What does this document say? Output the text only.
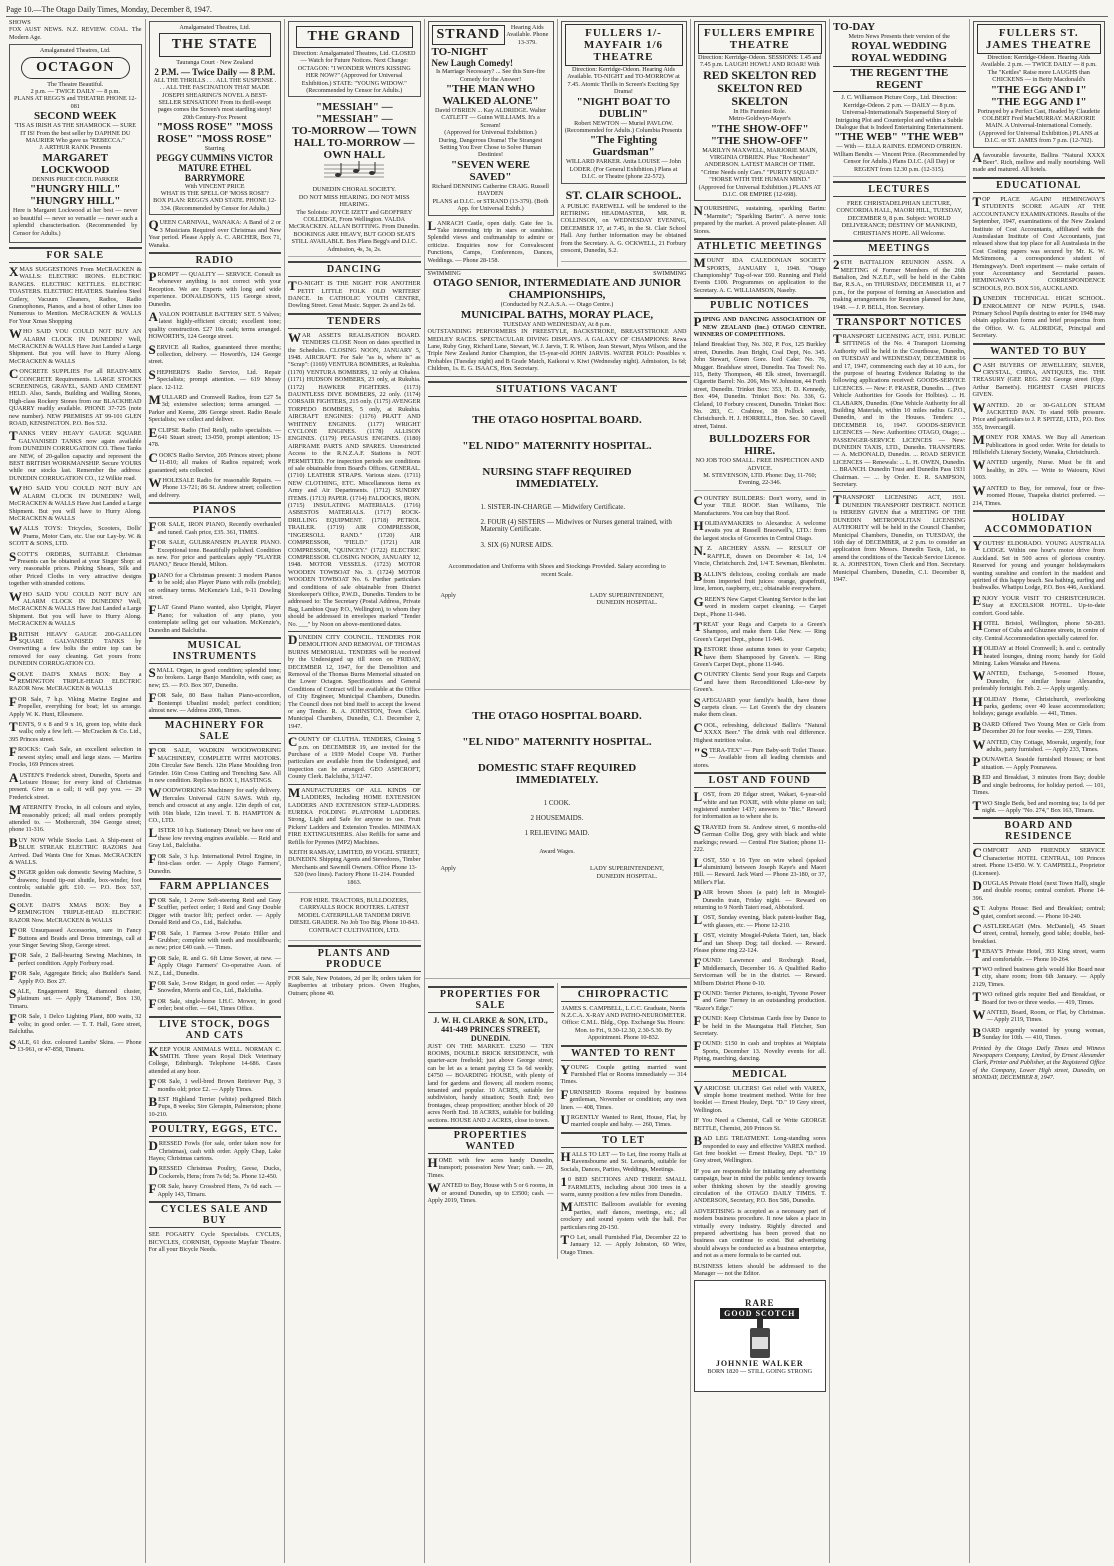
Page 10.—The Otago Daily Times, Monday, December 8, 1947.

SHOWS

FOX AUST NEWS. N.Z. REVIEW. COAL. The Modern Age.

Amalgamated Theatres, Ltd.

OCTAGON

The Theatre Beautiful.

2 p.m. — TWICE DAILY — 8 p.m.

PLANS AT REGG'S and THEATRE PHONE 12-081

SECOND WEEK

'TIS AS IRISH AS THE SHAMROCK — SURE IT IS! From the best seller by DAPHNE DU MAURIER Who gave us "REBECCA."

J. ARTHUR RANK Presents

MARGARET LOCKWOOD

DENNIS PRICE CECIL PARKER

"HUNGRY HILL" "HUNGRY HILL"

Here is Margaret Lockwood at her best — never so beautiful — never so versatile — never such a splendid characterisation. (Recommended by Censor for Adults.)

FOR SALE

XMAS SUGGESTIONS From McCRACKEN & WALLS: ELECTRIC IRONS. ELECTRIC RANGES. ELECTRIC KETTLES. ELECTRIC TOASTERS. ELECTRIC HEATERS. Stainless Steel Cutlery, Vacuum Cleaners, Radios, Radio Gramophones, Pianos, and a host of other Lines too Numerous to Mention. McCRACKEN & WALLS For Your Xmas Shopping

WHO SAID YOU COULD NOT BUY AN ALARM CLOCK IN DUNEDIN? Well, McCRACKEN & WALLS Have Just Landed a Large Shipment. But you will have to Hurry Along. McCRACKEN & WALLS

CONCRETE SUPPLIES For all READY-MIX CONCRETE Requirements. LARGE STOCKS SCREENINGS, GRAVEL, SAND AND CEMENT HELD. Also, Sands, Building and Walling Stones, High-class Rockery Stones from our BLACKHEAD QUARRY readily available. PHONE 37-725 (note new number). NEW PREMISES AT 99-101 GLEN ROAD, KENSINGTON. P.O. Box 532.

TANKS VERY HEAVY GAUGE SQUARE GALVANISED TANKS now again available from DUNEDIN CORRUGATION CO. These Tanks are NEW, of 20-gallon capacity and represent the BEST BRITISH WORKMANSHIP. Secure YOURS while our stocks last. Remember the address: DUNEDIN CORRUGATION CO., 12 Wilkie road.

WHO SAID YOU COULD NOT BUY AN ALARM CLOCK IN DUNEDIN? Well, McCRACKEN & WALLS Have Just Landed a Large Shipment. But you will have to Hurry Along. McCRACKEN & WALLS

WALLS TOYS: Tricycles, Scooters, Dolls' Prams, Motor Cars, etc. Use our Lay-by. W. & SCOTT & SONS, LTD.

SCOTT'S ORDERS, SUITABLE Christmas Presents can be obtained at your Singer Shop: at very reasonable prices. Pinking Shears, Silk and other Priced Cloths in very attractive designs together with stranded cottons.

WHO SAID YOU COULD NOT BUY AN ALARM CLOCK IN DUNEDIN? Well, McCRACKEN & WALLS Have Just Landed a Large Shipment. But you will have to Hurry Along. McCRACKEN & WALLS

BRITISH HEAVY GAUGE 200-GALLON SQUARE GALVANISED TANKS by Overwriting a few bolts the entire top can be removed for easy cleaning. Get yours from: DUNEDIN CORRUGATION CO.

SOLVE DAD'S XMAS BOX: Buy a REMINGTON TRIPLE-HEAD ELECTRIC RAZOR Now. McCRACKEN & WALLS

FOR Sale, 7 h.p. Viking Marine Engine and Propeller, everything for boat; let us arrange. Apply W. K. Hunt, Ellesmere.

TENTS, 9 x 8 and 9 x 16, green top, white duck walls; only a few left. — McCracken & Co. Ltd., 395 Princes street.

FROCKS: Cash Sale, an excellent selection in newest styles; small and large sizes. — Martins Frocks, 169 Princes street.

AUSTEN'S Frederick street, Dunedin, Sports and Leisure House; for every kind of Christmas present. Give us a call; it will pay you. — 29 Frederick street.

MATERNITY Frocks, in all colours and styles, reasonably priced; all mail orders promptly attended to. — Mothercraft, 394 George street; phone 11-316.

BUY NOW While Stocks Last. A Ship-ment of BLUE STREAK ELECTRIC RAZORS Just Arrived. Dad Wants One for Xmas. McCRACKEN & WALLS.

SINGER golden oak domestic Sewing Machine, 5 drawers; found tip-out shuttle, box-winder, foot controls; suitable gift. £10. — P.O. Box 537, Dunedin.

SOLVE DAD'S XMAS BOX: Buy a REMINGTON TRIPLE-HEAD ELECTRIC RAZOR Now. McCRACKEN & WALLS

FOR Unsurpassed Accessories, sure in Fancy Buttons and Braids and Dress trimmings, call at your Singer Sewing Shop, George street.

FOR Sale, 2 Ball-bearing Sewing Machines, in perfect condition. Apply Forbury road.

FOR Sale, Aggregate Brick; also Builder's Sand. Apply P.O. Box 27.

SALE, Engagement Ring, diamond cluster, platinum set. — Apply 'Diamond', Box 130, Timaru.

FOR Sale, 1 Delco Lighting Plant, 800 watts, 32 volts; in good order. — T. T. Hall, Gore street, Balclutha.

SALE, 61 doz. coloured Lambs' Skins. — Phone 13-961, or 47-858, Timaru.

Amalgamated Theatres, Ltd.

THE STATE

Tauranga Court · New Zealand

2 P.M. — Twice Daily — 8 P.M.

ALL THE THRILLS . . . ALL THE SUSPENSE . . . ALL THE FASCINATION THAT MADE JOSEPH SHEARING'S NOVEL A BEST-SELLER SENSATION! From its thrill-swept pages comes the Screen's most startling story! 20th Century-Fox Present

"MOSS ROSE" "MOSS ROSE" "MOSS ROSE"

Starring

PEGGY CUMMINS VICTOR MATURE ETHEL BARRYMORE

With VINCENT PRICE

WHAT IS THE SPELL OF 'MOSS ROSE'?

BOX PLAN: REGG'S AND STATE. PHONE 12-334. (Recommended by Censor for Adults.)

QUEEN CARNIVAL, WANAKA: A Band of 2 or 3 Musicians Required over Christmas and New Year period. Please Apply A. C. ARCHER, Box 71, Wanaka.

RADIO

PROMPT — QUALITY — SERVICE. Consult us whenever anything is not correct with your Reception. We are Experts with long and wide experience. DONALDSON'S, 115 George street, Dunedin.

AVALON PORTABLE BATTERY SET. 5 Valves; latest highly-efficient circuit; excellent tone; quality construction. £27 10s cash; terms arranged. HOWORTH'S, 124 George street.

SERVICE all Radios, guaranteed three months; collection, delivery. — Howorth's, 124 George street.

SHEPHERD'S Radio Service, Ltd. Repair Specialists; prompt attention. — 619 Moray place. 12-112.

MULLARD and Cromwell Radios, from £27 5s 3d; extensive selection; terms arranged. — Parker and Keene, 286 George street. Radio Resale Specialists; we collect and deliver.

ECLIPSE Radio (Ted Reid), radio specialists. — 641 Stuart street; 13-050, prompt attention; 13-478.

COOK'S Radio Service, 205 Princes street; phone 11-810; all makes of Radios repaired; work guaranteed; sets collected.

WHOLESALE Radio for reasonable Repairs. — Phone 13-721; 86 St. Andrew street; collection and delivery.

PIANOS

FOR SALE, IRON PIANO, Recently overhauled and tuned. Cash price, £35. 361, TIMES.

FOR SALE, GULBRANSEN PLAYER PIANO. Exceptional tone. Beautifully polished. Condition as new. For price and particulars apply "PLAYER PIANO," Bruce Herald, Milton.

PIANO for a Christmas present: 3 modern Pianos to be sold; also Player Piano with rolls (mobile); on ordinary terms. McKenzie's Ltd., 9-11 Dowling street.

FLAT Grand Piano wanted, also Upright, Player Piano; for valuation of any piano, you contemplate selling get our valuation. McKenzie's, Dunedin and Balclutha.

MUSICAL INSTRUMENTS

SMALL Organ, in good condition; splendid tone; no brokers. Large Banjo Mandolin, with case; as new; £5. — P.O. Box 307, Dunedin.

FOR Sale, 80 Bass Italian Piano-accordion, Bontempi Ubanlini model; perfect condition; almost new. — Address 2006, Times.

MACHINERY FOR SALE

FOR SALE, WADKIN WOODWORKING MACHINERY, COMPLETE WITH MOTORS. 20in Circular Saw Bench. 12in Plane Moulding Iron Grinder. 16in Cross Cutting and Trenching Saw. All in new condition. Replies to BOX 1, HASTINGS.

WOODWORKING Machinery for early delivery. Hercules Universal GUN SAWS. With rip, trench and crosscut at any angle. 12in depth of cut, with 16in blade, 12in travel. T. B. HAMPTON & CO., LTD.

LISTER 10 h.p. Stationary Diesel; we have one of these low revving engines available. — Reid and Gray Ltd., Balclutha.

FOR Sale, 3 h.p. International Petrol Engine, in first-class order. — Apply Otago Farmers', Dunedin.

FARM APPLIANCES

FOR Sale, 1 2-row Soft-steering Reid and Gray Scuffler, perfect order; 1 Reid and Gray Double Digger with tractor lift; perfect order. — Apply Donald Reid and Co., Ltd., Balclutha.

FOR Sale, 1 Farmea 3-row Potato Hiller and Grubber; complete with teeth and mouldboards; as new; price £40 cash. — Times.

FOR Sale, R. and G. 6ft Lime Sower, at new. — Apply Otago Farmers' Co-operative Assn. of N.Z., Ltd., Dunedin.

FOR Sale, 3-row Ridger, in good order. — Apply Snowden, Morris and Co., Ltd., Balclutha.

FOR Sale, single-horse I.H.C. Mower, in good order; best offer. — 641, Times Office.

LIVE STOCK, DOGS AND CATS

KEEP YOUR ANIMALS WELL. NORMAN C. SMITH. Three years Royal Dick Veterinary College, Edinburgh. Telephone 14-686. Cases attended at any hour.

FOR Sale, 1 well-bred Brown Retriever Pup, 3 months old; price £2. — Apply Times.

BEST Highland Terrier (white) pedigreed Bitch Pups, 8 weeks; Sire Glenspin, Palmerston; phone 10-210.

POULTRY, EGGS, ETC.

DRESSED Fowls (for sale, order taken now for Christmas), cash with order. Apply Chap, Lake Hayes; Christmas cartons.

DRESSED Christmas Poultry, Geese, Ducks, Cockerels, Hens; from 7s 6d; 5s. Phone 12-450.

FOR Sale, heavy Crossbred Hens, 7s 6d each. — Apply 143, Timaru.

CYCLES SALE AND BUY

SEE FOGARTY Cycle Specialists. CYCLES, BICYCLES, CORNISH, Opposite Mayfair Theatre. For all your Bicycle Needs.

THE GRAND

Direction: Amalgamated Theatres, Ltd. CLOSED — Watch for Future Notices. Next Change: OCTAGON: "I WONDER WHO'S KISSING HER NOW?" (Approved for Universal Exhibition.) STATE: "YOUNG WIDOW." (Recommended by Censor for Adults.)

"MESSIAH" — "MESSIAH" —
TO-MORROW — TOWN HALL TO-MORROW — OWN HALL

DUNEDIN CHORAL SOCIETY.

DO NOT MISS HEARING. DO NOT MISS HEARING.

The Soloists: JOYCE IZETT and GEOFFREY COLLEDGE, From Wellington. VALDA McCRACKEN. ALLAN BOTTING. From Dunedin.

BOOKINGS ARE HEAVY, BUT GOOD SEATS STILL AVAILABLE. Box Plans Begg's and D.I.C. Admission, 4s, 3s, 2s.

DANCING

TO-NIGHT IS THE NIGHT FOR ANOTHER PETIT LITTLE FOLK OLD WRITERS' DANCE. In CATHOLIC YOUTH CENTRE, Dowling Street. Great Music. Supper. 2s and 2s 6d.

TENDERS

WAR ASSETS REALISATION BOARD. TENDERS CLOSE Noon on dates specified in the Schedules. CLOSING NOON, JANUARY 5, 1948. AIRCRAFT. For Sale "as is, where is" as "Scrap": (1169) VENTURA BOMBERS, at Rukuhia. (1170) VENTURA BOMBERS, 12 only at Ohakea. (1171) HUDSON BOMBERS, 23 only, at Rukuhia. (1172) HAWKER FIGHTERS. (1173) DAUNTLESS DIVE BOMBERS, 22 only. (1174) CORSAIR FIGHTERS, 215 only. (1175) AVENGER TORPEDO BOMBERS, 5 only, at Rukuhia. AIRCRAFT ENGINES: (1176) PRATT AND WHITNEY ENGINES. (1177) WRIGHT CYCLONE ENGINES. (1178) ALLISON ENGINES. (1179) PEGASUS ENGINES. (1180) AIRFRAME PARTS AND SPARES. Unrestricted Access to the R.N.Z.A.F. Stations is NOT PERMITTED. For inspection periods see conditions of sale obtainable from Board's Offices. GENERAL. (1710) LEATHER STRAPS. Various sizes. (1711) NEW CLOTHING, ETC. Miscellaneous items ex Army and Air Departments. (1712) SUNDRY ITEMS. (1713) PAPER. (1714) FALDOCKS, IRON. (1715) INSULATING MATERIALS. (1716) ASBESTOS MATERIALS. (1717) ROCK-DRILLING EQUIPMENT. (1718) PETROL TRAILER. (1719) AIR COMPRESSOR, "INGERSOLL RAND." (1720) AIR COMPRESSOR, "FIELD." (1721) AIR COMPRESSOR, "QUINCEY." (1722) ELECTRIC COMPRESSOR. CLOSING NOON, JANUARY 12, 1948. MOTOR VESSELS. (1723) MOTOR WOODEN TOWBOAT No. 3. (1724) MOTOR WOODEN TOWBOAT No. 6. Further particulars and conditions of sale obtainable from District Storekeeper's Office, P.W.D., Dunedin. Tenders to be addressed to: The Secretary (Postal Address, Private Bag, Lambton Quay P.O., Wellington), to whom they should be addressed in envelopes marked "Tender No. ___" by Noon on above-mentioned dates.

DUNEDIN CITY COUNCIL. TENDERS FOR DEMOLITION AND REMOVAL OF THOMAS BURNS MEMORIAL. TENDERS will be received by the Undersigned up till noon on FRIDAY, DECEMBER 12, 1947, for the Demolition and Removal of the Thomas Burns Memorial situated on the Lower Octagon. Specifications and General Conditions of Contract will be available at the Office of City Engineer, Municipal Chambers, Dunedin. The Council does not bind itself to accept the lowest or any Tender. R. A. JOHNSTON, Town Clerk. Municipal Chambers, Dunedin, C.1. December 2, 1947.

COUNTY OF CLUTHA. TENDERS, Closing 5 p.m. on DECEMBER 19, are invited for the Purchase of a 1939 Model Coupe V8. Further particulars are available from the Undersigned, and inspection can be arranged. GEO ASHCROFT, County Clerk. Balclutha, 3/12/47.

MANUFACTURERS OF ALL KINDS OF LADDERS, Including HOME EXTENSION LADDERS AND EXTENSION STEP-LADDERS. EUREKA FOLDING PLATFORM LADDERS. Strong, Light and Safe for anyone to use. Fruit Pickers' Ladders and Extension Trestles. MINIMAX FIRE EXTINGUISHERS. Also Refills for same and Refills for Pyrenes (MP2) Machines.

KEITH RAMSAY, LIMITED, 89 VOGEL STREET, DUNEDIN. Shipping Agents and Stevedores, Timber Merchants and Sawmill Owners. Office Phone 13-520 (two lines). Factory Phone 11-214. Founded 1863.

FOR HIRE. TRACTORS, BULLDOZERS, CARRYALLS ROCK ROOTERS. LATEST MODEL CATERPILLAR TANDEM DRIVE DIESEL GRADER. No Job Too Big. Phone 10-843. CONTRACT CULTIVATION, LTD.

PLANTS AND PRODUCE

FOR Sale, New Potatoes, 2d per lb; orders taken for Raspberries at tributary prices. Owen Hughes, Outram; phone 40.

STRAND	Hearing Aids Available. Phone 13-379.

TO-NIGHT
New Laugh Comedy!

Is Marriage Necessary? ... See this Sure-fire Comedy for the Answer!

"THE MAN WHO WALKED ALONE"

David O'BRIEN ... Kay ALDRIDGE. Walter CATLETT — Guinn WILLIAMS. It's a Scream!

(Approved for Universal Exhibition.)

During, Dangerous Drama! The Strangest Setting You Ever Chose to Solve Human Destinies!

"SEVEN WERE SAVED"

Richard DENNING Catherine CRAIG. Russell HAYDEN

PLANS at D.I.C. or STRAND (13-379). (Both App. for Universal Exhib.)

LANRACH Castle, open daily. Gate fee 1s. Take interesting trip in stars or sunshine. Splendid views and craftmanship to admire or criticize. Enquiries now for Convalescent Functions, Camps, Conferences, Dances, Weddings. — Phone 28-158.

FULLERS 1/- MAYFAIR 1/6 THEATRE

Direction: Kerridge-Odeon. Hearing Aids Available. TO-NIGHT and TO-MORROW at 7.45. Atomic Thrills in Screen's Exciting Spy Drama!

"NIGHT BOAT TO DUBLIN"

Robert NEWTON — Muriel PAVLOW. (Recommended for Adults.) Columbia Presents

"The Fighting Guardsman"

WILLARD PARKER. Anita LOUISE — John LODER. (For General Exhibition.) Plans at D.I.C. or Theatre (phone 22-572).

ST. CLAIR SCHOOL.

A PUBLIC FAREWELL will be tendered to the RETIRING HEADMASTER, MR. R. COLLINSON, on WEDNESDAY EVENING, DECEMBER 17, at 7.45, in the St. Clair School Hall. Any further information may be obtained from the Secretary. A. G. OCKWELL, 21 Forbury crescent, Dunedin, S.2.

SWIMMING	SWIMMING
OTAGO SENIOR, INTERMEDIATE AND JUNIOR CHAMPIONSHIPS,

(Conducted by N.Z.A.S.A. — Otago Centre.)

MUNICIPAL BATHS, MORAY PLACE,

TUESDAY AND WEDNESDAY, At 8 p.m.

OUTSTANDING PERFORMERS IN FREESTYLE, BACKSTROKE, BREASTSTROKE AND MEDLEY RACES. SPECTACULAR DIVING DISPLAYS. A GALAXY OF CHAMPIONS: Rewa Lane, Ruby Gray, Richard Lane, Stewart, W. J. Jarvis, T. R. Wilson, Jean Stewart, Myra Wilson, and the Triple New Zealand Junior Champion, the 15-year-old JOHN JARVIS. WATER POLO: Possibles v. Probables (Tuesday night) and B Grade Match, Kaikorai v. Kiwi (Wednesday night). Admission, 1s 6d; Children, 1s. E. G. ISAACS, Hon. Secretary.

SITUATIONS VACANT
THE OTAGO HOSPITAL BOARD.
"EL NIDO" MATERNITY HOSPITAL.
NURSING STAFF REQUIRED IMMEDIATELY.

1. SISTER-IN-CHARGE — Midwifery Certificate.

2. FOUR (4) SISTERS — Midwives or Nurses general trained, with Maternity Certificate.

3. SIX (6) NURSE AIDS.

Accommodation and Uniforms with Shoes and Stockings Provided. Salary according to recent Scale.

Apply	LADY SUPERINTENDENT, DUNEDIN HOSPITAL.
THE OTAGO HOSPITAL BOARD.
"EL NIDO" MATERNITY HOSPITAL.
DOMESTIC STAFF REQUIRED IMMEDIATELY.

1 COOK.

2 HOUSEMAIDS.

1 RELIEVING MAID.

Award Wages.

Apply	LADY SUPERINTENDENT, DUNEDIN HOSPITAL.
PROPERTIES FOR SALE
J. W. H. CLARKE & SON, LTD., 441-449 PRINCES STREET, DUNEDIN.

JUST ON THE MARKET. £3250 — TEN ROOMS, DOUBLE BRICK RESIDENCE, with quarter-acre freehold; just above George street; can be let as a tenant paying £3 5s 6d weekly. £4750 — BOARDING HOUSE, with plenty of land for gardens and flowers; all modern rooms; tenanted and popular. 10 ACRES, suitable for subdivision, handy situation; South End; two frontages, cheap proposition; another block of 20 acres North End. 18 ACRES, suitable for building sections. HOUSE AND 2 ACRES, close to town.

PROPERTIES WANTED

HOME with few acres handy Dunedin, transport; possession New Year; cash. — 28, Times.

WANTED to Buy, House with 5 or 6 rooms, in or around Dunedin, up to £3500; cash. — Apply 2019, Times.

CHIROPRACTIC

JAMES S. CAMPBELL, L.C.C. Graduate, Norris N.Z.C.A. X-RAY AND PATHO-NEUROMETER. Office: C.M.L. Bldg., Opp. Exchange Sta. Hours: Mon. to Fri., 9.30-12.30, 2.30-5.30. By Appointment. Phone 10-832.

WANTED TO RENT

YOUNG Couple getting married want Furnished Flat or Rooms immediately — 314 Times.

FURNISHED Rooms required by business gentleman, November or condition; any own linen. — 408, Times.

URGENTLY Wanted to Rent, House, Flat, by married couple and baby. — 260, Times.

TO LET

HALLS TO LET — To Let, fine roomy Halls at Ravensbourne and St. Leonards, suitable for Socials, Dances, Parties, Weddings, Meetings.

10 BED SECTIONS AND THREE SMALL FARMLETS, including about 300 trees in a warm, sunny position a few miles from Dunedin.

MAJESTIC Ballroom available for evening parties, staff dances, meetings, etc.; all crockery and sound system with the hall. For particulars ring 20-150.

TO Let, small Furnished Flat, December 22 to January 12. — Apply Johnston, 60 Wire, Otago Times.

FULLERS EMPIRE THEATRE

Direction: Kerridge-Odeon. SESSIONS: 1.45 and 7.45 p.m. LAUGH! HOWL! AND ROAR! With

RED SKELTON RED SKELTON RED SKELTON

In His Funniest Role.

Metro-Goldwyn-Mayer's

"THE SHOW-OFF" "THE SHOW-OFF"

MARILYN MAXWELL, MARJORIE MAIN, VIRGINIA O'BRIEN. Plus: "Rochester" ANDERSON. LATEST MARCH OF TIME. "Crime Needs only Cars." "PURITY SQUAD." "HORSE WITH THE HUMAN MIND." (Approved for Universal Exhibition.) PLANS AT D.I.C. OR EMPIRE (12-698).

NOURISHING, sustaining, sparkling Barim: "Marmite"; "Sparkling Barim". A nerve tonic prepared by the market. A proved palate-pleaser. All Stores.

ATHLETIC MEETINGS

MOUNT IDA CALEDONIAN SOCIETY SPORTS, JANUARY 1, 1948. "Otago Championship" Tug-of-war £60. Running and Field Events £100. Programmes on application to the Secretary. A. C. WILLIAMSON, Naseby.

PUBLIC NOTICES

PIPING AND DANCING ASSOCIATION OF NEW ZEALAND (Inc.) OTAGO CENTRE. WINNERS OF COMPETITIONS.

Inland Breakfast Tray, No. 302, P. Fox, 125 Burkley street, Dunedin. Jean Bright, Coal Dept, No. 345. John Stewart, Green Gore. Iced Cake: No. 76, Mugger. Bradshaw street, Dunedin. Tea Towel: No. 115, Betty Thompson, 48 Elk street, Invercargill. Cigarette Barrel: No. 206, Mrs W. Johnston, 44 Forth street, Dunedin. Trinket Box: 353, H. D. Kennedy, Box 494, Dunedin. Trinket Box: No. 336, G. Cleland, 10 Forbury crescent, Dunedin. Trinket Box: No. 283, C. Crabtree, 38 Pollock street, Christchurch. H. J. HORRELL, Hon. Sec. 30 Cavell street, Tainui.

BULLDOZERS FOR HIRE.

NO JOB TOO SMALL. FREE INSPECTION AND ADVICE.

M. STEVENSON, LTD. Phone: Day, 11-760; Evening, 22-346.

COUNTRY BUILDERS: Don't worry, send in your TILE ROOF. Stan Williams, Tile Manufacturers. You can buy that Roof.

HOLIDAYMAKERS to Alexandra: A welcome awaits you at Russell Bracewell's, LTD.: from the largest stocks of Groceries in Central Otago.

N.Z. ARCHERY ASSN. — RESULT OF RAFFLE, drawn on December 4: 1st, 1/4 Vincie, Christchurch. 2nd, 1/4 T. Sewman, Blenheim.

BALLIN'S delicious, cooling cordials are made from imported fruit juices: orange, grapefruit, lime, lemon, raspberry, etc.; obtainable everywhere.

GREEN'S New Carpet Cleaning Service is the last word in modern carpet cleaning. — Carpet Dept., Phone 11-946.

TREAT your Rugs and Carpets to a Green's Shampoo, and make them Like New. — Ring Green's Carpet Dept., phone 11-946.

RESTORE those autumn tones to your Carpets; have them Shampooed by Green's. — Ring Green's Carpet Dept., phone 11-946.

COUNTRY Clients: Send your Rugs and Carpets and have them Reconditioned Like-new by Green's.

SAFEGUARD your family's health, have those carpets clean. — Let Green's the dry cleaners make them clean.

COOL, refreshing, delicious! Ballin's "Natural XXXX Beer." The drink with real difference. Highest nutrition value.

"STERA-TEX" — Pure Baby-soft Toilet Tissue. — Available from all leading chemists and stores.

LOST AND FOUND

LOST, from 20 Edgar street, Wakari, 6-year-old white and tan FOXIE, with white plume on tail; registered number 1437; answers to "Bic." Reward for information as to where she is.

STRAYED from St. Andrew street, 6 months-old German Collie Dog, grey with black and white markings; reward. — Central Fire Station; phone 11-222.

LOST, 550 x 16 Tyre on wire wheel (spoked aluminium) between Joseph Kaye's and Maori Hill. — Reward. Jack Ward — Phone 23-180, or 37, Miller's Flat.

PAIR brown Shoes (a pair) left in Mosgiel-Dunedin train, Friday night. — Reward on returning to 9 North Taieri road, Abbotsford.

LOST, Sunday evening, black patent-leather Bag, with glasses, etc. — Phone 12-210.

LOST, vicinity Mosgiel-Puketa Taieri, tan, black and tan Sheep Dog; tail docked. — Reward. Please phone ring 22-124.

FOUND: Lawrence and Roxburgh Road, Middlemarch, December 16. A Qualified Radio Serviceman will be in the district. — Reward. Milburn District Phone 0-10.

FOUND: Terrier Pictures, to-night, Tyvone Power and Gene Tierney in an outstanding production. "Razor's Edge."

FOUND: Keep Christmas Cards free by Dance to be held in the Maungatua Hall Fletcher, Sun Secretary.

FOUND: £150 in cash and trophies at Waipiata Sports, December 13. Novelty events for all. Piping, marching, dancing.

MEDICAL

VARICOSE ULCERS! Get relief with VAREX, simple home treatment method. Write for free booklet — Ernest Healey, Dept. "D." 19 Grey street, Wellington.

IF You Need a Chemist, Call or Write GEORGE BETTLE, Chemist, 269 Princes St.

BAD LEG TREATMENT. Long-standing sores responded to easy and effective VAREX method. Get free booklet — Ernest Healey, Dept. "D." 19 Grey street, Wellington.

IF you are responsible for initiating any advertising campaign, bear in mind the public tendency towards sober thinking shown by the steadily growing circulation of the OTAGO DAILY TIMES. T. ANDERSON, Secretary, P.O. Box 586, Dunedin.

ADVERTISING is accepted as a necessary part of modern business procedure. It now takes a place in virtually every industry. Rightly directed and prepared advertising has been proved that no business can continue to exist. But advertising should always be conducted as a business enterprise, and not as a mere formula to be carried out.

BUSINESS letters should be addressed to the Manager — not the Editor.

RARE
GOOD SCOTCH
JOHNNIE WALKER

BORN 1820 — STILL GOING STRONG

TO-DAY

Metro News Presents their version of the

ROYAL WEDDING ROYAL WEDDING
THE REGENT THE REGENT

J. C. Williamson Picture Corp., Ltd. Direction: Kerridge-Odeon. 2 p.m. — DAILY — 8 p.m.

Universal-International's Suspenseful Story of Intriguing Plot and Counterplot and within a Subtle Dialogue that is Indeed Entertaining Entertainment.

"THE WEB" "THE WEB"

— With — ELLA RAINES. EDMOND O'BRIEN. William Bendix — Vincent Price. (Recommended by Censor for Adults.) Plans D.I.C. (All Day) or REGENT from 12.30 p.m. (12-315).

LECTURES

FREE CHRISTADELPHIAN LECTURE, CONCORDIA HALL, MAORI HILL, TUESDAY, DECEMBER 9, 8 p.m. Subject: WORLD DELIVERANCE; DESTINY OF MANKIND, CHRISTIAN'S HOPE. All Welcome.

MEETINGS

26TH BATTALION REUNION ASSN. A MEETING of Former Members of the 26th Battalion, 2nd N.Z.E.F., will be held in the Cabin Bar, R.S.A., on THURSDAY, DECEMBER 11, at 7 p.m., for the purpose of forming an Association and making arrangements for Reunion planned for June, 1948. — J. P. BELL, Hon. Secretary.

TRANSPORT NOTICES

TRANSPORT LICENSING ACT, 1931. PUBLIC SITTINGS of the No. 4 Transport Licensing Authority will be held in the Courthouse, Dunedin, on TUESDAY and WEDNESDAY, DECEMBER 16 and 17, 1947, commencing each day at 10 a.m., for the purpose of hearing Evidence Relating to the following applications received: GOODS-SERVICE LICENCES. — New: F. FRASER, Dunedin. ... (Two Vehicle Authorities for Goods for Holbies). ... H. CLABARN, Dunedin. (One Vehicle Authority for all Building Materials, within 10 miles radius G.P.O., Dunedin, and in the Houses. Tenders: ... DECEMBER 16, 1947. GOODS-SERVICE LICENCES — New: Authorities: OTAGO, Otago; ... PASSENGER-SERVICE LICENCES — New: DUNEDIN TAXIS, LTD., Dunedin. TRANSFERS. — A. McDONALD, Dunedin. ... ROAD SERVICE LICENCES — Renewals: ... L. H. OWEN, Dunedin. ... BRANCH. Dunedin Trust and Dunedin Pass 1931 Chairman. — ... by Order. E. R. SAMPSON, Secretary.

TRANSPORT LICENSING ACT, 1931. DUNEDIN TRANSPORT DISTRICT. NOTICE is HEREBY GIVEN that a MEETING OF THE DUNEDIN METROPOLITAN LICENSING AUTHORITY will be held in the Council Chamber, Municipal Chambers, Dunedin, on TUESDAY, the 16th day of DECEMBER, at 2 p.m. to consider an application from Messrs. Dunedin Taxis, Ltd., to amend the conditions of the Taxicab Service Licence. R. A. JOHNSTON, Town Clerk and Hon. Secretary. Municipal Chambers, Dunedin, C.1. December 8, 1947.

FULLERS ST. JAMES THEATRE

Direction: Kerridge-Odeon. Hearing Aids Available. 2 p.m. — TWICE DAILY — 8 p.m. The "Kettles" Raise more LAUGHS than CHICKENS — in Betty Macdonald's

"THE EGG AND I" "THE EGG AND I"

Portrayed by a Perfect Cast, Headed by Claudette COLBERT Fred MacMURRAY. MARJORIE MAIN. A Universal-International Comedy. (Approved for Universal Exhibition.) PLANS at D.I.C. or ST. JAMES from 7 p.m. (12-702).

Afavourable favourite, Ballins "Natural XXXX Beer". Rich, mellow and really nourishing. Well made and matured. All hotels.

EDUCATIONAL

TOP PLACE AGAIN! HEMINGWAY'S STUDENTS SCORE AGAIN AT THE ACCOUNTANCY EXAMINATIONS. Results of the September, 1947, examinations of the New Zealand Institute of Cost Accountants, affiliated with the Australasian Institute of Cost Accountants, just released show that top place for all Australasia in the Cost Costing papers was secured by Mr. K. W. McSimmons, a correspondence student of Hemingway's. Don't experiment — make certain of your Accountancy and Secretarial passes. HEMINGWAY'S CORRESPONDENCE SCHOOLS, P.O. BOX 516, AUCKLAND.

DUNEDIN TECHNICAL HIGH SCHOOL. ENROLMENT OF NEW PUPILS, 1948. Primary School Pupils desiring to enter for 1948 may obtain application forms and brief prospectus from the Office. W. G. ALDRIDGE, Principal and Secretary.

WANTED TO BUY

CASH BUYERS OF JEWELLERY, SILVER, CRYSTAL, CHINA, ANTIQUES, Etc. THE TREASURY (GEE REG. 292 George street (Opp. Arthur Barnett's). HIGHEST CASH PRICES GIVEN.

WANTED. 20 or 30-GALLON STEAM JACKETED PAN. To stand 90lb pressure. Price and particulars to J. P. SPITZE, LTD., P.O. Box 355, Invercargill.

MONEY FOR XMAS. We Buy all American Publications in good order. Write for details to Hillsfield's Literary Society, Wanaka, Christchurch.

WANTED urgently, Nurse. Must be fit and healthy, in 20's. — Write to Waiouru, Kiwi 1003.

WANTED to Buy, for removal, four or five-roomed House, Tuapeka district preferred. — 214, Times.

HOLIDAY ACCOMMODATION

YOUTHS' ELDORADO. YOUNG AUSTRALIA LODGE. Within one hour's motor drive from Auckland. Set in 500 acres of glorious country. Reserved for young and younger holidaymakers wanting sunshine and comfort in the maddest and spirited of this happy beach. Sea bathing, surfing and bushwalks. Whatipu Lodge, P.O. Box 446, Auckland.

ENJOY YOUR VISIT TO CHRISTCHURCH. Stay at EXCELSIOR HOTEL. Up-to-date comfort. Good table.

HOTEL Bristol, Wellington, phone 50-283. Corner of Cuba and Ghuznee streets, in centre of city. Central Accommodation specially catered for.

HOLIDAY at Hotel Cromwell; h. and c. centrally heated lounges, dining room; handy for Gold Mining. Lakes Wanaka and Hawea.

WANTED, Exchange, 5-roomed House, Dunedin, for similar house Alexandra, preferably fortnight. Feb. 2. — Apply urgently.

HOLIDAY Home, Christchurch, overlooking parks, gardens; over 40 lease accommodation; holidays; garage available. — 441, Times.

BOARD Offered Two Young Men or Girls from December 20 for four weeks. — 239, Times.

WANTED, City Cottage, Moeraki, urgently, four adults, party furnished. — Apply 233, Times.

POUNAWEA Seaside furnished Houses; or best situation. — Apply Pounawea.

BED and Breakfast, 3 minutes from Bay; double and single bedrooms, for holiday period. — 101, Times.

TWO Single Beds, bed and morning tea; 1s 6d per night. — Apply "No. 274," Box 163, Timaru.

BOARD AND RESIDENCE

COMFORT AND FRIENDLY SERVICE Characterise HOTEL CENTRAL, 100 Princes street. Phone 13-850. W. Y. CAMPBELL, Proprietor (Licensee).

DOUGLAS Private Hotel (next Town Hall), single and double rooms; central comfort. Phone 14-396.

ST. Aubyns House: Bed and Breakfast; central; quiet, comfort second. — Phone 10-240.

CASTLEREAGH (Mrs. McDaniel), 45 Stuart street, central, homely, good table; double, bed-breakfast.

TEBAY'S Private Hotel, 393 King street, warm and comfortable. — Phone 10-264.

TWO refined business girls would like Board near city, share room; from 6th January. — Apply 2129, Times.

TWO refined girls require Bed and Breakfast, or Board for two or three weeks. — 419, Times.

WANTED, Board, Room, or Flat, by Christmas. — Apply 2119, Times.

BOARD urgently wanted by young woman, Sunday for 10th. — 410, Times.

Printed by the Otago Daily Times and Witness Newspapers Company, Limited, by Ernest Alexander Clark, Printer and Publisher, at the Registered Office of the Company, Lower High street, Dunedin, on MONDAY, DECEMBER 8, 1947.
